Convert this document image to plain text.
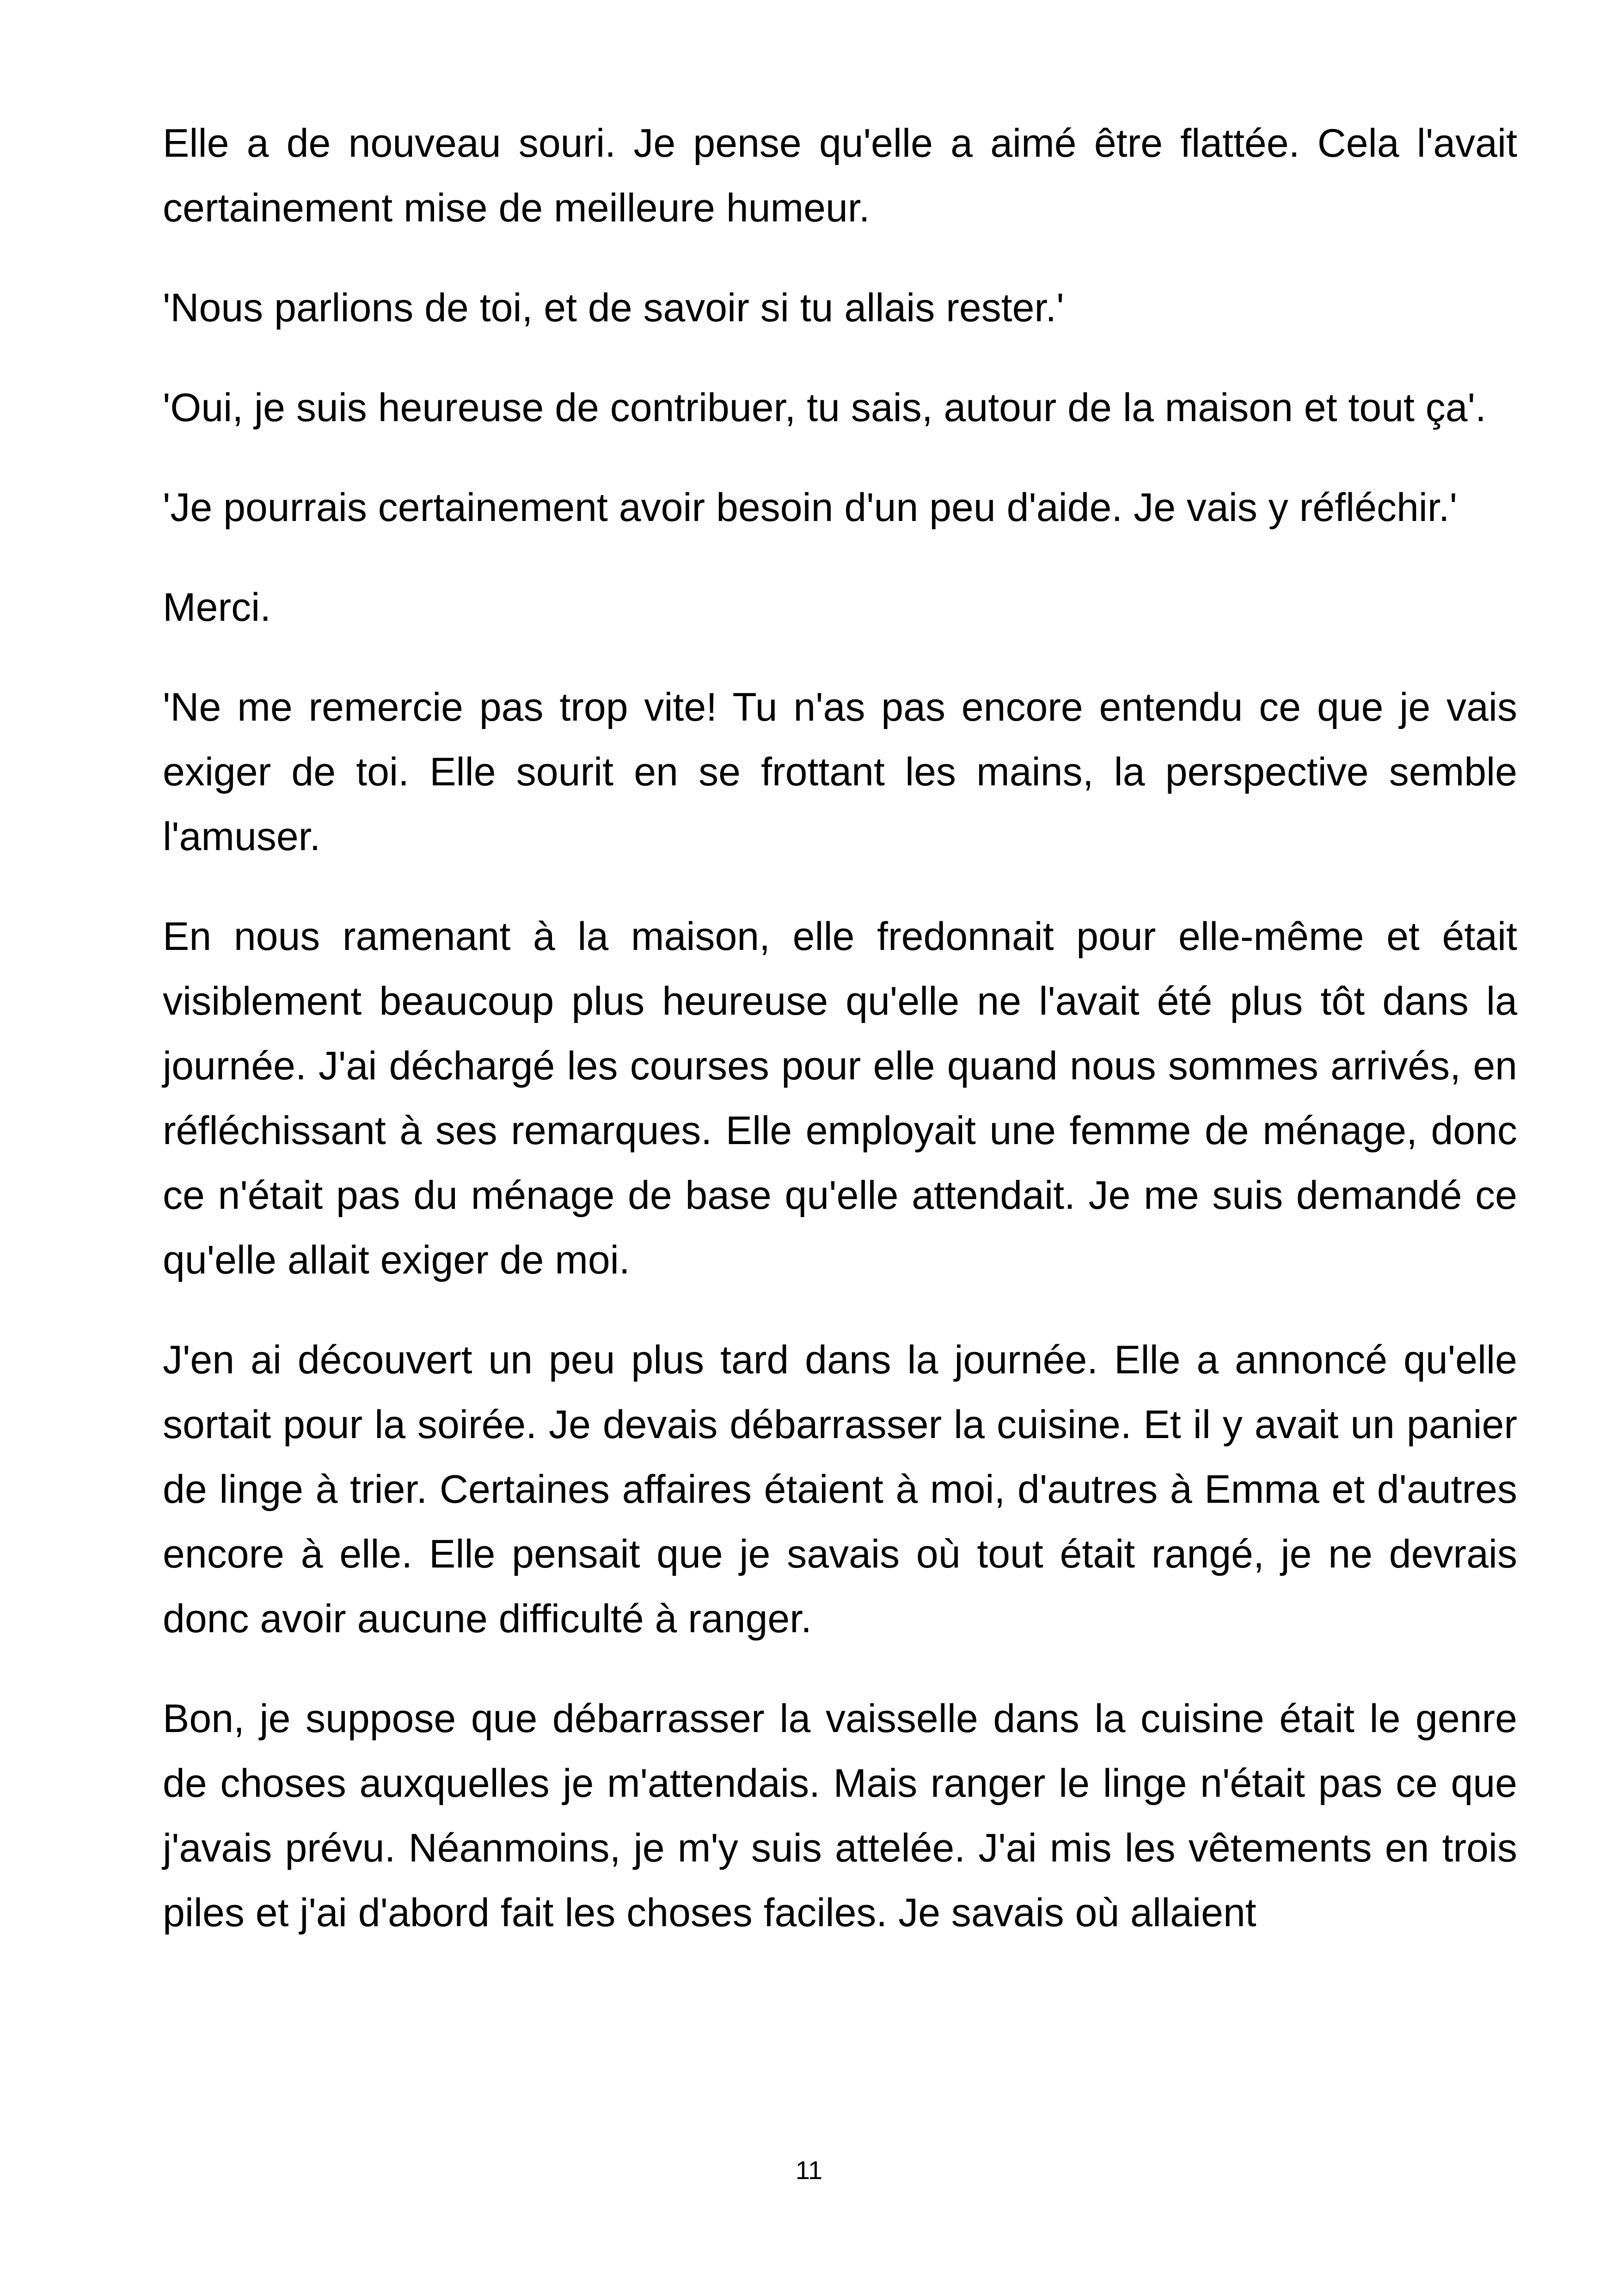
Elle a de nouveau souri. Je pense qu'elle a aimé être flattée. Cela l'avait certainement mise de meilleure humeur.

'Nous parlions de toi, et de savoir si tu allais rester.'

'Oui, je suis heureuse de contribuer, tu sais, autour de la maison et tout ça'.

'Je pourrais certainement avoir besoin d'un peu d'aide. Je vais y réfléchir.'

Merci.

'Ne me remercie pas trop vite! Tu n'as pas encore entendu ce que je vais exiger de toi. Elle sourit en se frottant les mains, la perspective semble l'amuser.

En nous ramenant à la maison, elle fredonnait pour elle-même et était visiblement beaucoup plus heureuse qu'elle ne l'avait été plus tôt dans la journée. J'ai déchargé les courses pour elle quand nous sommes arrivés, en réfléchissant à ses remarques. Elle employait une femme de ménage, donc ce n'était pas du ménage de base qu'elle attendait. Je me suis demandé ce qu'elle allait exiger de moi.

J'en ai découvert un peu plus tard dans la journée. Elle a annoncé qu'elle sortait pour la soirée. Je devais débarrasser la cuisine. Et il y avait un panier de linge à trier. Certaines affaires étaient à moi, d'autres à Emma et d'autres encore à elle. Elle pensait que je savais où tout était rangé, je ne devrais donc avoir aucune difficulté à ranger.

Bon, je suppose que débarrasser la vaisselle dans la cuisine était le genre de choses auxquelles je m'attendais. Mais ranger le linge n'était pas ce que j'avais prévu. Néanmoins, je m'y suis attelée. J'ai mis les vêtements en trois piles et j'ai d'abord fait les choses faciles. Je savais où allaient

11
